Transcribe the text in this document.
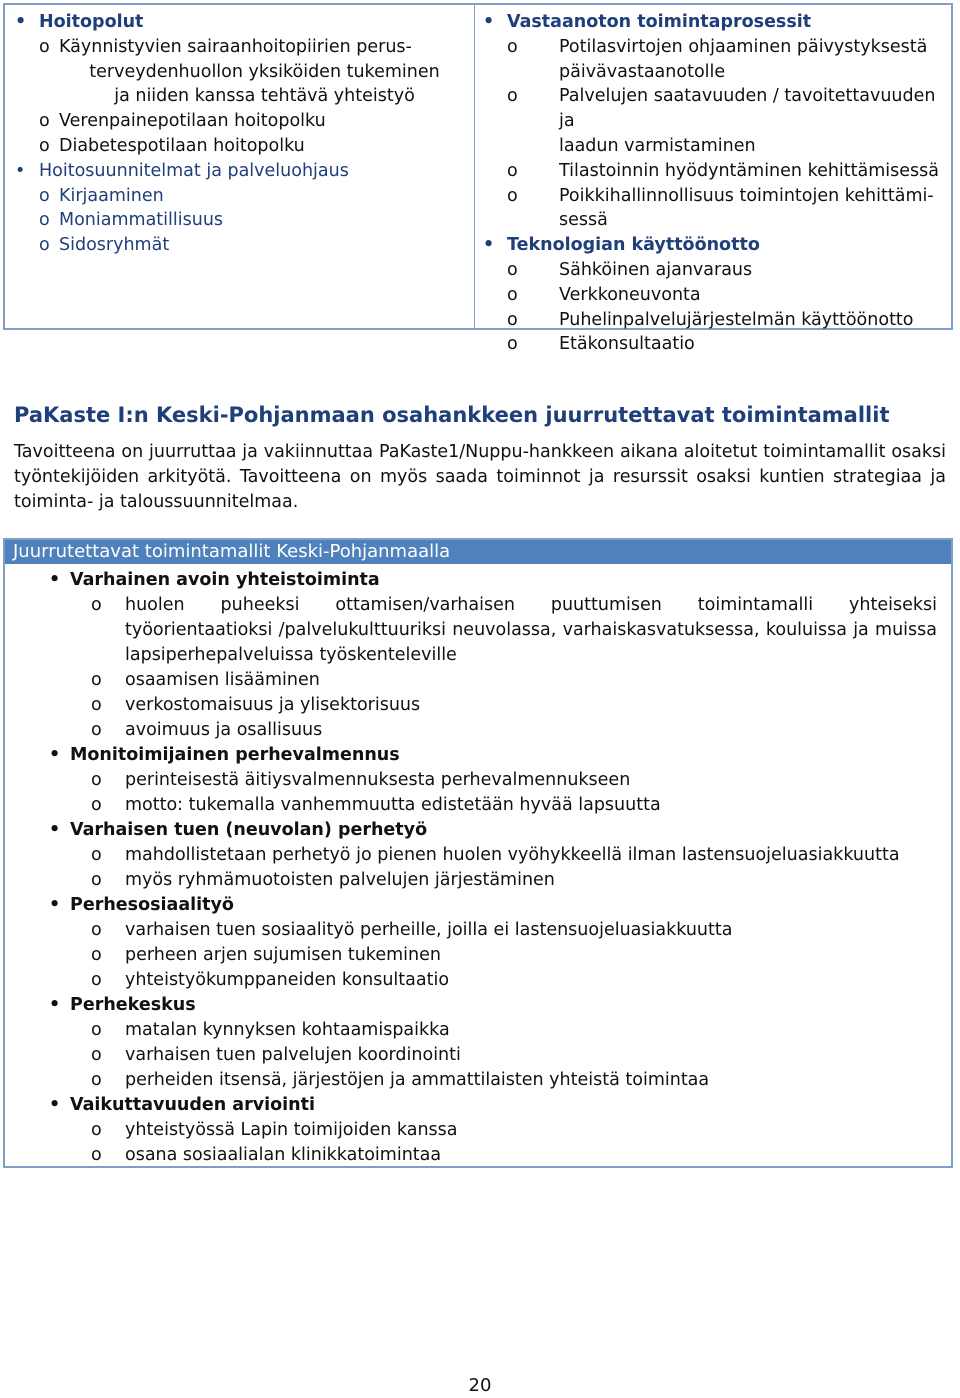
• Hoitopolut
o Käynnistyvien sairaanhoitopiirien perus-
terveydenhuollon yksiköiden tukeminen
ja niiden kanssa tehtävä yhteistyö
o Verenpainepotilaan hoitopolku
o Diabetespotilaan hoitopolku
• Hoitosuunnitelmat ja palveluohjaus
o Kirjaaminen
o Moniammatillisuus
o Sidosryhmät
• Vastaanoton toimintaprosessit
o	Potilasvirtojen ohjaaminen päivystyksestä
päivävastaanotolle
o	Palvelujen saatavuuden / tavoitettavuuden ja
laadun varmistaminen
o	Tilastoinnin hyödyntäminen kehittämisessä
o	Poikkihallinnollisuus toimintojen kehittämi-
sessä
• Teknologian käyttöönotto
o	Sähköinen ajanvaraus
o	Verkkoneuvonta
o	Puhelinpalvelujärjestelmän käyttöönotto
o	Etäkonsultaatio
PaKaste I:n Keski-Pohjanmaan osahankkeen juurrutettavat toimintamallit
Tavoitteena on juurruttaa ja vakiinnuttaa PaKaste1/Nuppu-hankkeen aikana aloitetut toimintamallit osaksi työntekijöiden arkityötä. Tavoitteena on myös saada toiminnot ja resurssit osaksi kuntien strategiaa ja toiminta- ja taloussuunnitelmaa.
Juurrutettavat toimintamallit Keski-Pohjanmaalla
• Varhainen avoin yhteistoiminta
o	huolen puheeksi ottamisen/varhaisen puuttumisen toimintamalli yhteiseksi työorientaatioksi /palvelukulttuuriksi neuvolassa, varhaiskasvatuksessa, kouluissa ja muissa lapsiperhepalveluissa työskenteleville
o	osaamisen lisääminen
o	verkostomaisuus ja ylisektorisuus
o	avoimuus ja osallisuus
• Monitoimijainen perhevalmennus
o	perinteisestä äitiysvalmennuksesta perhevalmennukseen
o	motto: tukemalla vanhemmuutta edistetään hyvää lapsuutta
• Varhaisen tuen (neuvolan) perhetyö
o	mahdollistetaan perhetyö jo pienen huolen vyöhykkeellä ilman lastensuojeluasiakkuutta
o	myös ryhmämuotoisten palvelujen järjestäminen
• Perhesosiaalityö
o	varhaisen tuen sosiaalityö perheille, joilla ei lastensuojeluasiakkuutta
o	perheen arjen sujumisen tukeminen
o	yhteistyökumppaneiden konsultaatio
• Perhekeskus
o	matalan kynnyksen kohtaamispaikka
o	varhaisen tuen palvelujen koordinointi
o	perheiden itsensä, järjestöjen ja ammattilaisten yhteistä toimintaa
• Vaikuttavuuden arviointi
o	yhteistyössä Lapin toimijoiden kanssa
o	osana sosiaalialan klinikkatoimintaa
20
